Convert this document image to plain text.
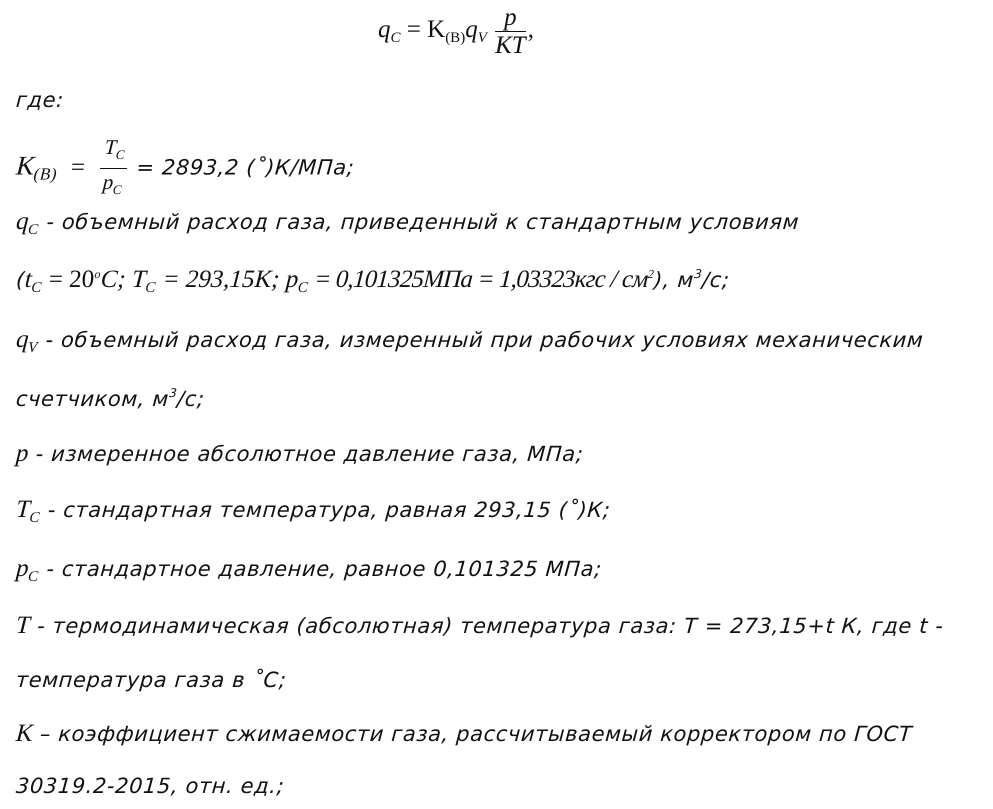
$q_C = K_{(В)}q_V \frac{p}{KT}$ ,
где:
$K_{(B)} = \frac{T_C}{p_C} = 2893,2$ (˚)К/МПа;
$q_C$ - объемный расход газа, приведенный к стандартным условиям
($t_C = 20^oC$; $T_C = 293,15K$; $p_C = 0,101325МПа = 1,03323кгс / см^2$), $м^3/с$;
$q_V$ - объемный расход газа, измеренный при рабочих условиях механическим
счетчиком, $м^3/с$;
p - измеренное абсолютное давление газа, МПа;
$T_C$ - стандартная температура, равная 293,15 (˚)К;
$p_C$ - стандартное давление, равное 0,101325 МПа;
T - термодинамическая (абсолютная) температура газа: Т = 273,15+t К, где t -
температура газа в ˚С;
K – коэффициент сжимаемости газа, рассчитываемый корректором по ГОСТ
30319.2-2015, отн. ед.;
